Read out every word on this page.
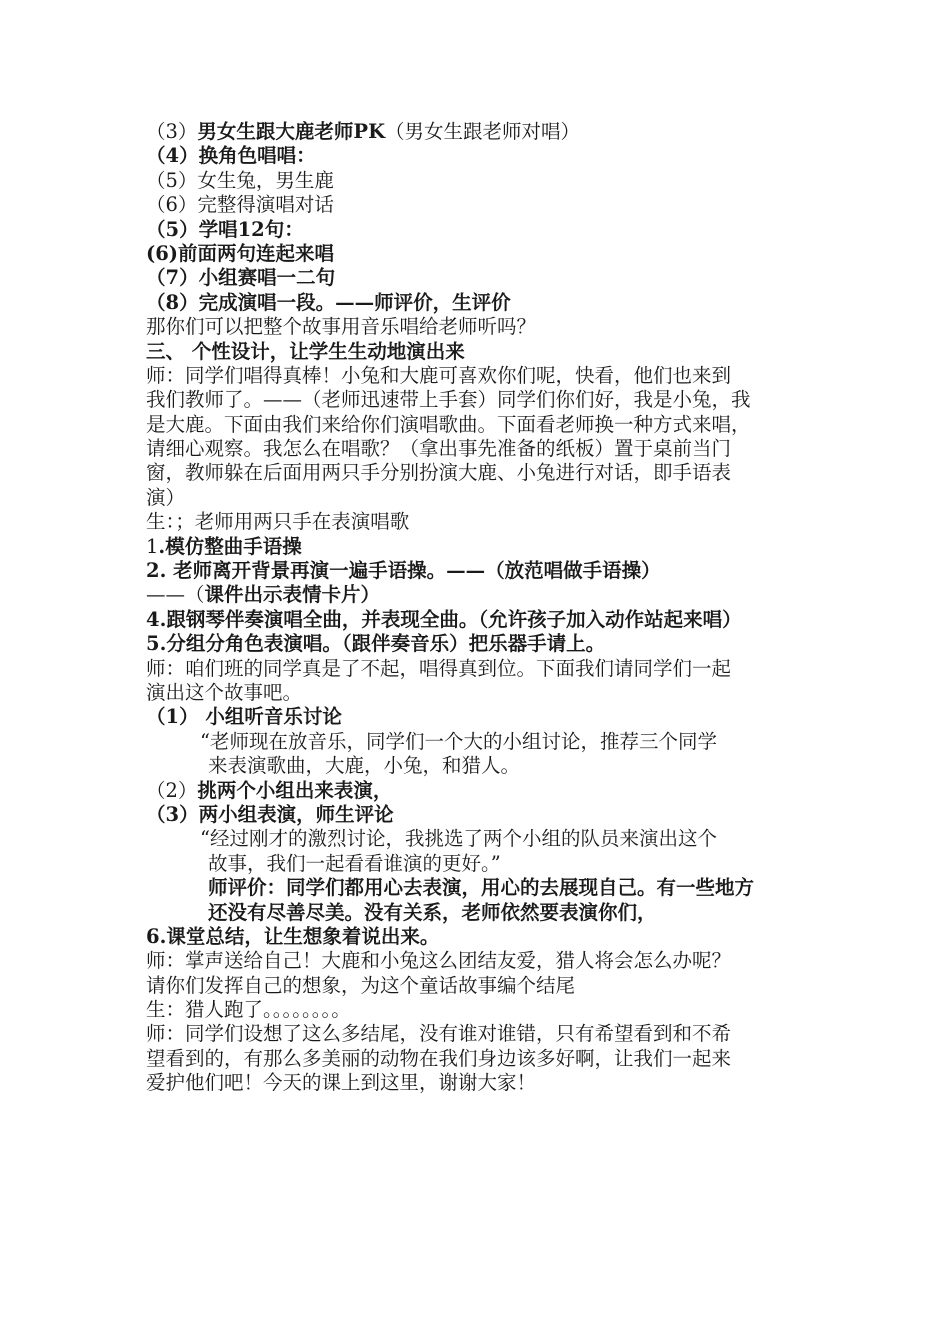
（3）男女生跟大鹿老师PK（男女生跟老师对唱）
（4）换角色唱唱：
（5）女生兔，男生鹿
（6）完整得演唱对话
（5）学唱12句：
(6)前面两句连起来唱
（7）小组赛唱一二句
（8）完成演唱一段。——师评价，生评价
那你们可以把整个故事用音乐唱给老师听吗？
三、 个性设计，让学生生动地演出来
师：同学们唱得真棒！小兔和大鹿可喜欢你们呢，快看，他们也来到
我们教师了。——（老师迅速带上手套）同学们你们好，我是小兔，我
是大鹿。下面由我们来给你们演唱歌曲。下面看老师换一种方式来唱，
请细心观察。我怎么在唱歌？（拿出事先准备的纸板）置于桌前当门
窗，教师躲在后面用两只手分别扮演大鹿、小兔进行对话，即手语表
演）
生：；老师用两只手在表演唱歌
1.模仿整曲手语操
2. 老师离开背景再演一遍手语操。——（放范唱做手语操）
——（课件出示表情卡片）
4.跟钢琴伴奏演唱全曲，并表现全曲。（允许孩子加入动作站起来唱）
5.分组分角色表演唱。（跟伴奏音乐）把乐器手请上。
师：咱们班的同学真是了不起，唱得真到位。下面我们请同学们一起
演出这个故事吧。
（1） 小组听音乐讨论
“老师现在放音乐，同学们一个大的小组讨论，推荐三个同学
来表演歌曲，大鹿，小兔，和猎人。
（2）挑两个小组出来表演，
（3）两小组表演，师生评论
“经过刚才的激烈讨论，我挑选了两个小组的队员来演出这个
故事，我们一起看看谁演的更好。”
师评价：同学们都用心去表演，用心的去展现自己。有一些地方
还没有尽善尽美。没有关系，老师依然要表演你们，
6.课堂总结，让生想象着说出来。
师：掌声送给自己！大鹿和小兔这么团结友爱，猎人将会怎么办呢？
请你们发挥自己的想象，为这个童话故事编个结尾
生：猎人跑了。。。。。。。。
师：同学们设想了这么多结尾，没有谁对谁错，只有希望看到和不希
望看到的，有那么多美丽的动物在我们身边该多好啊，让我们一起来
爱护他们吧！今天的课上到这里，谢谢大家！
